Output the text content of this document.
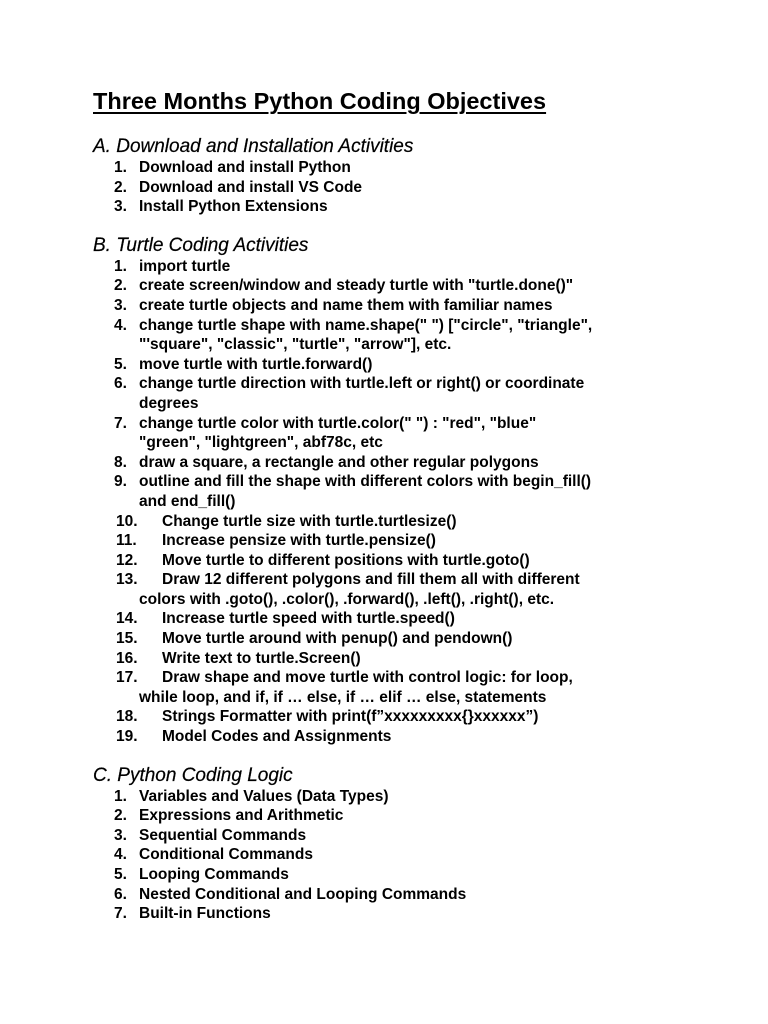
Three Months Python Coding Objectives
A. Download and Installation Activities
1. Download and install Python
2. Download and install VS Code
3. Install Python Extensions
B. Turtle Coding Activities
1. import turtle
2. create screen/window and steady turtle with "turtle.done()"
3. create turtle objects and name them with familiar names
4. change turtle shape with name.shape(" ") ["circle", "triangle",
"'square", "classic", "turtle", "arrow"], etc.
5. move turtle with turtle.forward()
6. change turtle direction with turtle.left or right() or coordinate
degrees
7. change turtle color with turtle.color(" ") : "red", "blue"
"green", "lightgreen", abf78c, etc
8. draw a square, a rectangle and other regular polygons
9. outline and fill the shape with different colors with begin_fill()
and end_fill()
10. Change turtle size with turtle.turtlesize()
11. Increase pensize with turtle.pensize()
12. Move turtle to different positions with turtle.goto()
13. Draw 12 different polygons and fill them all with different
colors with .goto(), .color(), .forward(), .left(), .right(), etc.
14. Increase turtle speed with turtle.speed()
15. Move turtle around with penup() and pendown()
16. Write text to turtle.Screen()
17. Draw shape and move turtle with control logic: for loop,
while loop, and if, if … else, if … elif … else, statements
18. Strings Formatter with print(f”xxxxxxxxx{}xxxxxx”)
19. Model Codes and Assignments
C. Python Coding Logic
1. Variables and Values (Data Types)
2. Expressions and Arithmetic
3. Sequential Commands
4. Conditional Commands
5. Looping Commands
6. Nested Conditional and Looping Commands
7. Built-in Functions
